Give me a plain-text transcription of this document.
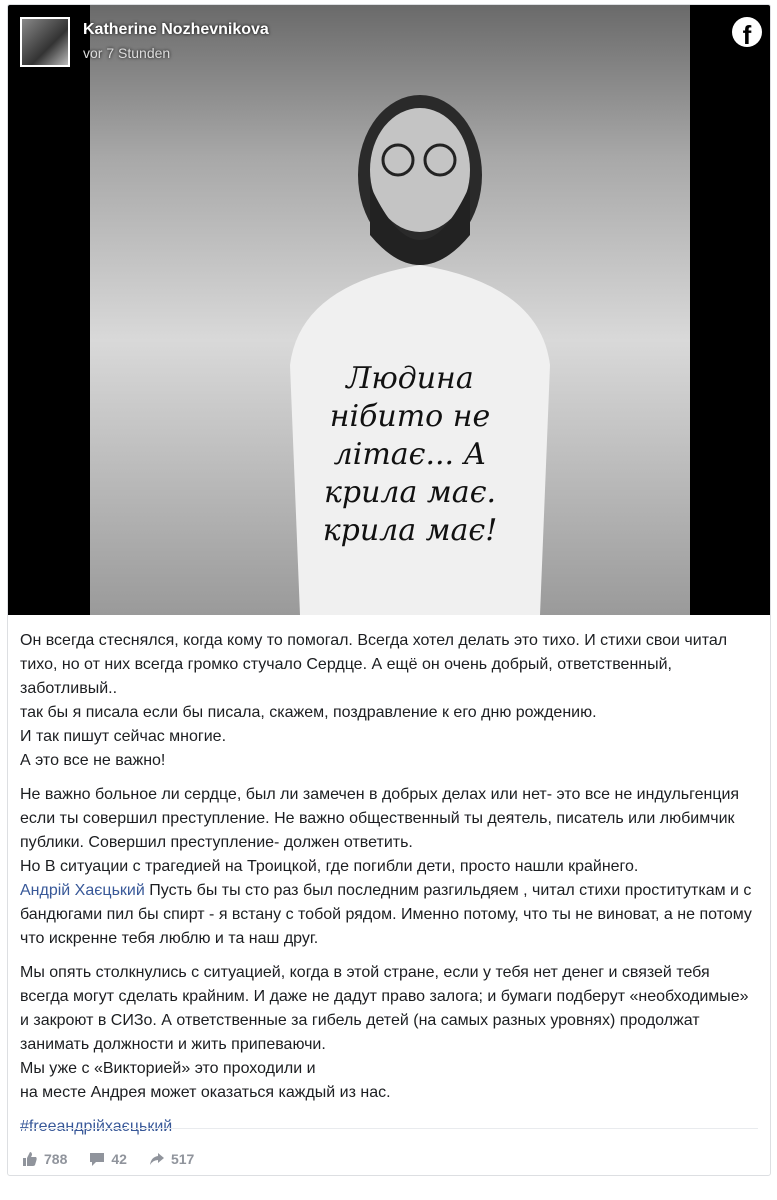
Людина нібито не літає... А крила має. крила має!
Katherine Nozhevnikova
vor 7 Stunden
f

Он всегда стеснялся, когда кому то помогал. Всегда хотел делать это тихо. И стихи свои читал тихо, но от них всегда громко стучало Сердце. А ещё он очень добрый, ответственный, заботливый..
так бы я писала если бы писала, скажем, поздравление к его дню рождению.
И так пишут сейчас многие.
А это все не важно!

Не важно больное ли сердце, был ли замечен в добрых делах или нет- это все не индульгенция если ты совершил преступление. Не важно общественный ты деятель, писатель или любимчик публики. Совершил преступление- должен ответить.
Но В ситуации с трагедией на Троицкой, где погибли дети, просто нашли крайнего.
Андрій Хаєцький Пусть бы ты сто раз был последним разгильдяем , читал стихи проституткам и с бандюгами пил бы спирт - я встану с тобой рядом. Именно потому, что ты не виноват, а не потому что искренне тебя люблю и та наш друг.

Мы опять столкнулись с ситуацией, когда в этой стране, если у тебя нет денег и связей тебя всегда могут сделать крайним. И даже не дадут право залога; и бумаги подберут «необходимые» и закроют в СИЗо. А ответственные за гибель детей (на самых разных уровнях) продолжат занимать должности и жить припеваючи.
Мы уже с «Викторией» это проходили и
на месте Андрея может оказаться каждый из нас.

#freeандрійхаєцький

788	42	517
